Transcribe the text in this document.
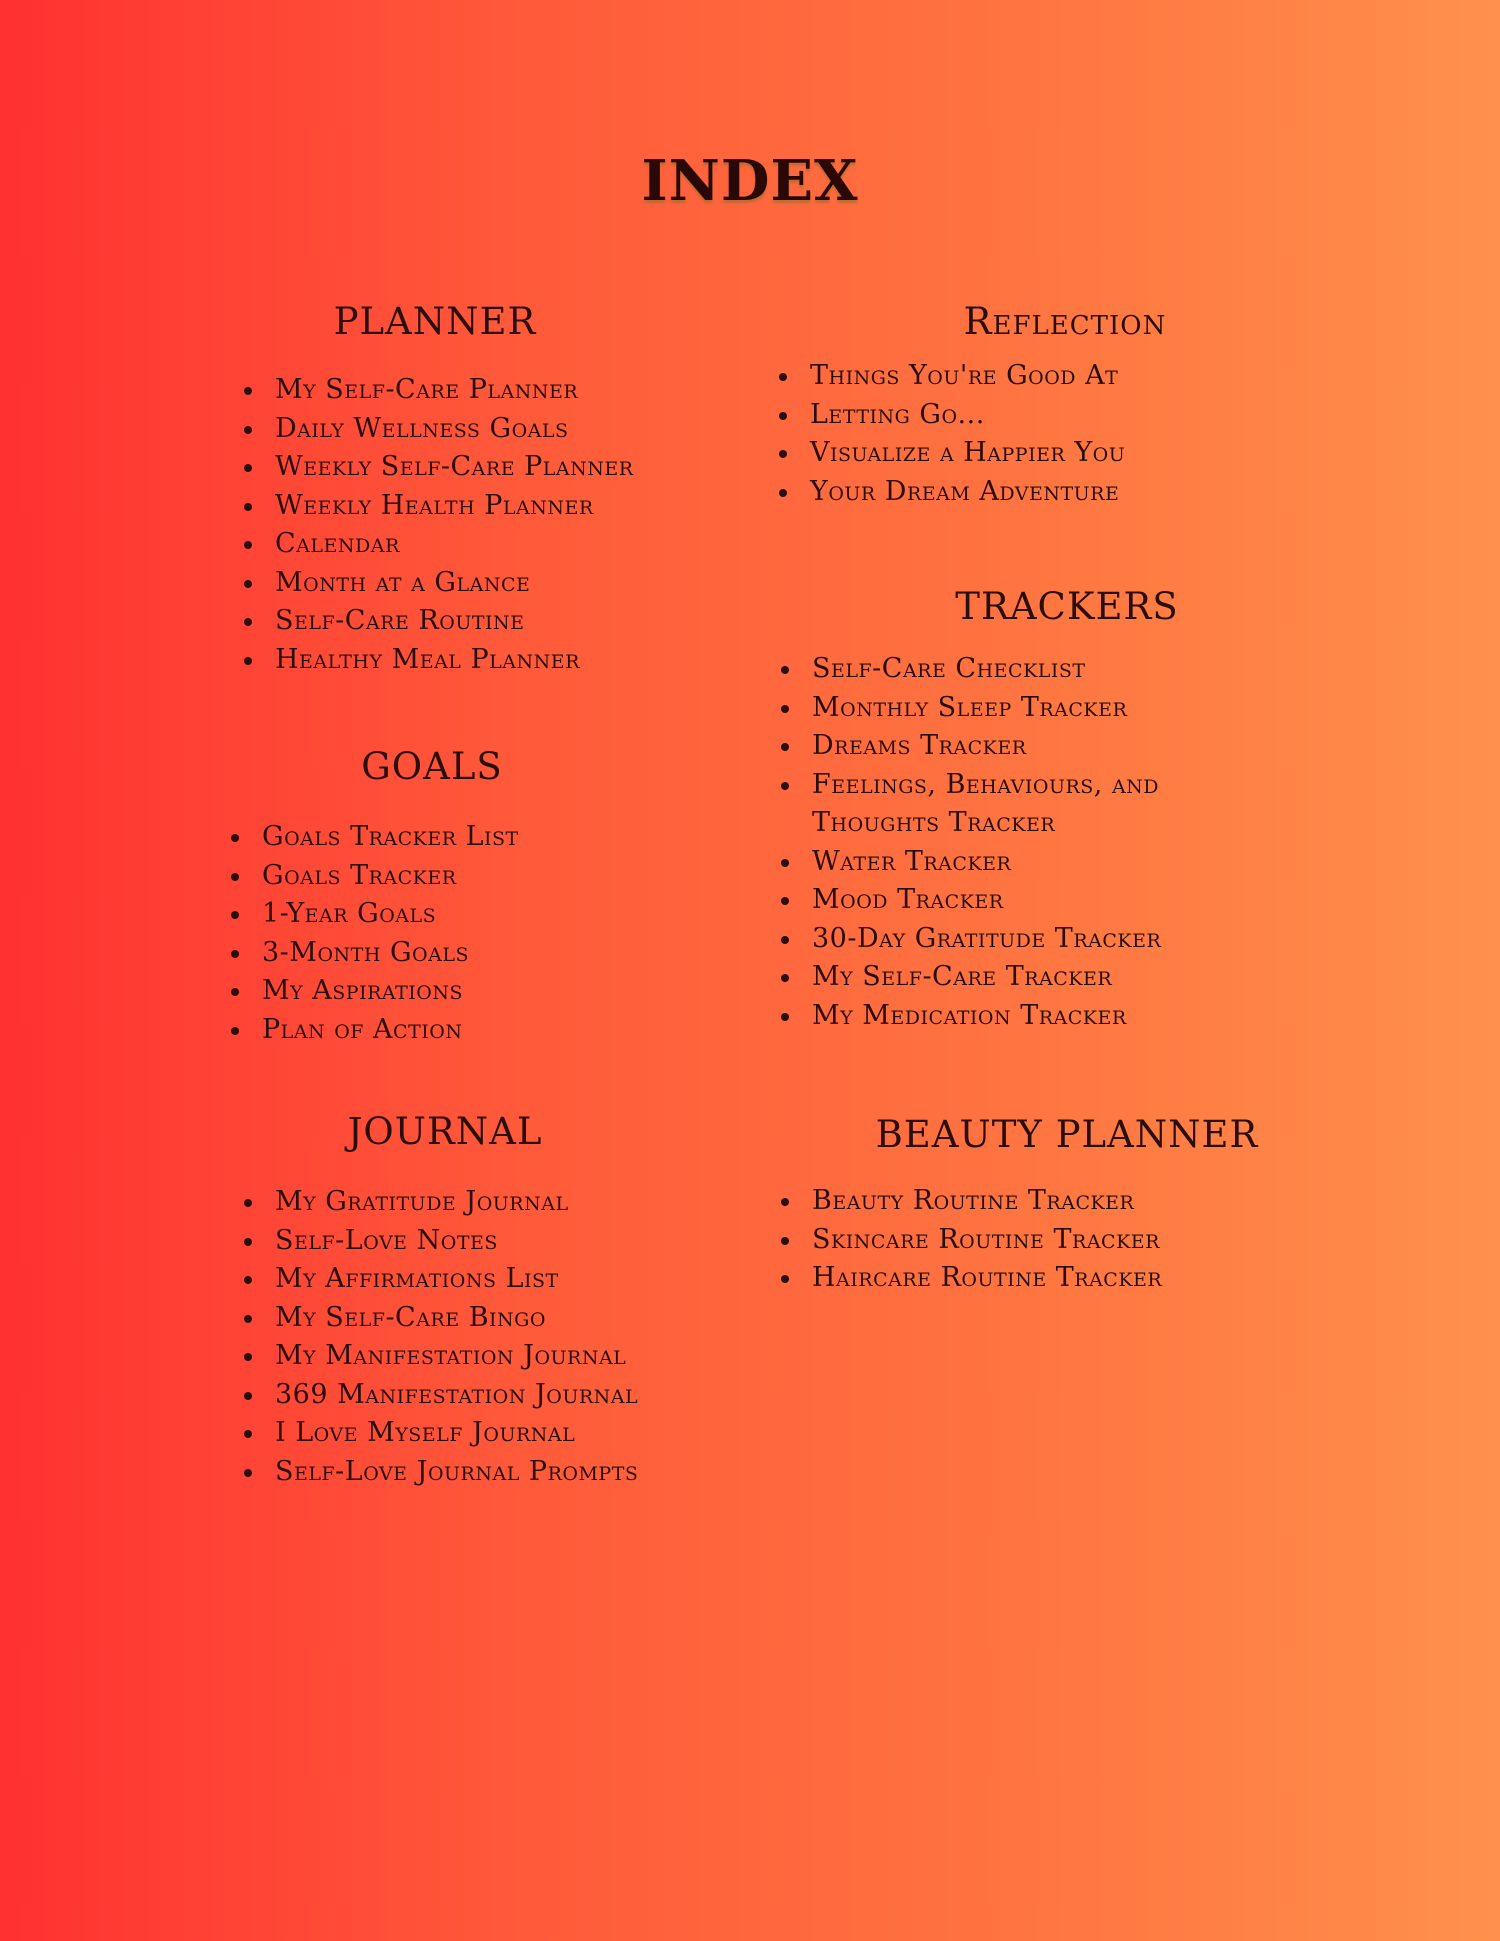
INDEX
PLANNER
My Self-Care Planner
Daily Wellness Goals
Weekly Self-Care Planner
Weekly Health Planner
Calendar
Month at a Glance
Self-Care Routine
Healthy Meal Planner
GOALS
Goals Tracker List
Goals Tracker
1-Year Goals
3-Month Goals
My Aspirations
Plan of Action
JOURNAL
My Gratitude Journal
Self-Love Notes
My Affirmations List
My Self-Care Bingo
My Manifestation Journal
369 Manifestation Journal
I Love Myself Journal
Self-Love Journal Prompts
Reflection
Things You're Good At
Letting Go...
Visualize a Happier You
Your Dream Adventure
TRACKERS
Self-Care Checklist
Monthly Sleep Tracker
Dreams Tracker
Feelings, Behaviours, and Thoughts Tracker
Water Tracker
Mood Tracker
30-Day Gratitude Tracker
My Self-Care Tracker
My Medication Tracker
BEAUTY PLANNER
Beauty Routine Tracker
Skincare Routine Tracker
Haircare Routine Tracker
